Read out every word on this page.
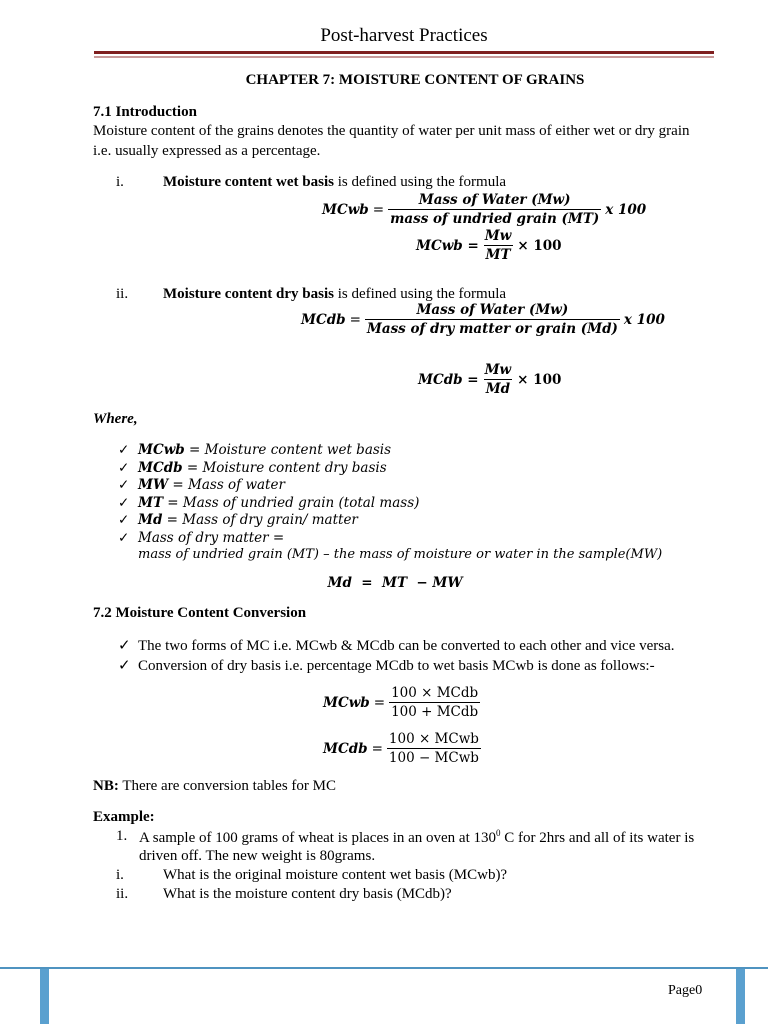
Post-harvest Practices
CHAPTER 7: MOISTURE CONTENT OF GRAINS
7.1 Introduction
Moisture content of the grains denotes the quantity of water per unit mass of either wet or dry grain
i.e. usually expressed as a percentage.
i.	Moisture content wet basis is defined using the formula
MCwb = $\frac{\text{Mass of Water (Mw)}}{\text{mass of undried grain (MT)}}$ x 100
MCwb = $\frac{Mw}{MT} \times 100$
ii. Moisture content dry basis is defined using the formula
MCdb = $\frac{\text{Mass of Water (Mw)}}{\text{Mass of dry matter or grain (Md)}}$ x 100
MCdb = $\frac{Mw}{Md} \times 100$
Where,
✓ MCwb = Moisture content wet basis
✓ MCdb = Moisture content dry basis
✓ MW = Mass of water
✓ MT = Mass of undried grain (total mass)
✓ Md = Mass of dry grain/ matter
✓ Mass of dry matter =
mass of undried grain (MT) – the mass of moisture or water in the sample(MW)
Md  =  MT  − MW
7.2 Moisture Content Conversion
✓ The two forms of MC i.e. MCwb & MCdb can be converted to each other and vice versa.
✓ Conversion of dry basis i.e. percentage MCdb to wet basis MCwb is done as follows:-
MCwb = $\frac{\text{100 × MCdb}}{\text{100 + MCdb}}$
MCdb = $\frac{\text{100 × MCwb}}{\text{100 − MCwb}}$
NB: There are conversion tables for MC
Example:
1. A sample of 100 grams of wheat is places in an oven at $130^0$ C for 2hrs and all of its water is
driven off. The new weight is 80grams.
i.	What is the original moisture content wet basis (MCwb)?
ii. What is the moisture content dry basis (MCdb)?
Page0
